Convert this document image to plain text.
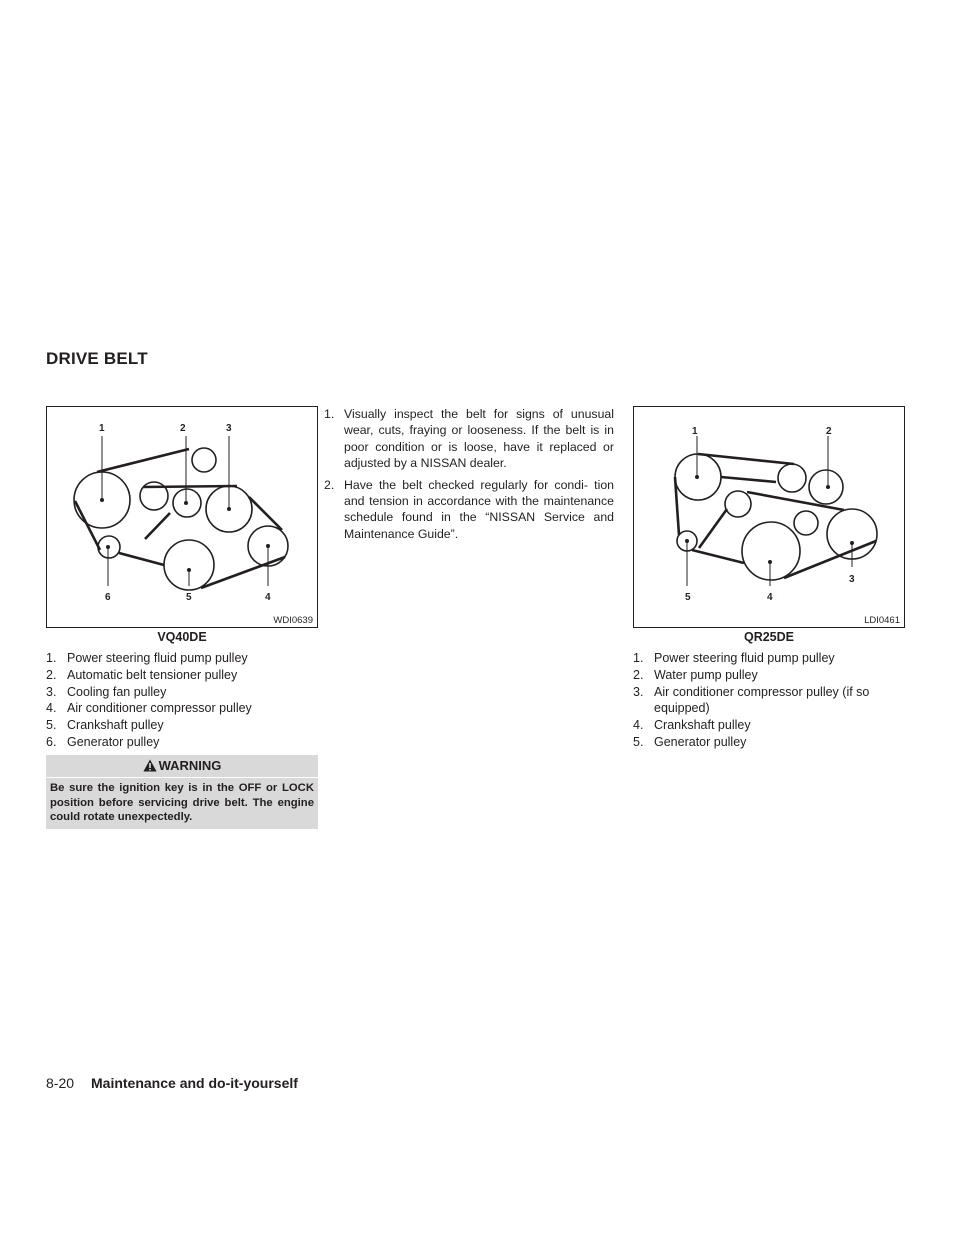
DRIVE BELT
1	2	3
4
5
6
WDI0639
VQ40DE
1. Power steering fluid pump pulley
2. Automatic belt tensioner pulley
3. Cooling fan pulley
4. Air conditioner compressor pulley
5. Crankshaft pulley
6. Generator pulley
WARNING
Be sure the ignition key is in the OFF or LOCK position before servicing drive belt. The engine could rotate unexpectedly.
1. Visually inspect the belt for signs of unusual wear, cuts, fraying or looseness. If the belt is in poor condition or is loose, have it replaced or adjusted by a NISSAN dealer.
2. Have the belt checked regularly for condi- tion and tension in accordance with the maintenance schedule found in the “NISSAN Service and Maintenance Guide”.
1	2
3
4
5
LDI0461
QR25DE
1. Power steering fluid pump pulley
2. Water pump pulley
3. Air conditioner compressor pulley (if so equipped)
4. Crankshaft pulley
5. Generator pulley
8-20 Maintenance and do-it-yourself
